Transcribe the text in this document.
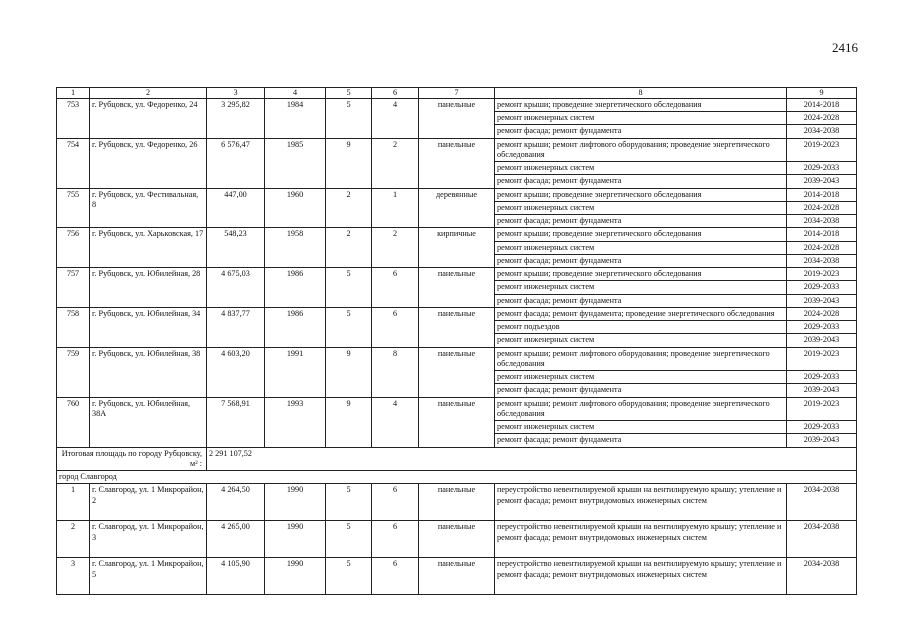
2416
1	2	3	4	5	6	7	8	9
753	г. Рубцовск, ул. Федоренко, 24	3 295,82	1984	5	4	панельные	ремонт крыши; проведение энергетического обследования	2014-2018
							ремонт инженерных систем	2024-2028
							ремонт фасада; ремонт фундамента	2034-2038
754	г. Рубцовск, ул. Федоренко, 26	6 576,47	1985	9	2	панельные	ремонт крыши; ремонт лифтового оборудования; проведение энергетического обследования	2019-2023
							ремонт инженерных систем	2029-2033
							ремонт фасада; ремонт фундамента	2039-2043
755	г. Рубцовск, ул. Фестивальная, 8	447,00	1960	2	1	деревянные	ремонт крыши; проведение энергетического обследования	2014-2018
							ремонт инженерных систем	2024-2028
							ремонт фасада; ремонт фундамента	2034-2038
756	г. Рубцовск, ул. Харьковская, 17	548,23	1958	2	2	кирпичные	ремонт крыши; проведение энергетического обследования	2014-2018
							ремонт инженерных систем	2024-2028
							ремонт фасада; ремонт фундамента	2034-2038
757	г. Рубцовск, ул. Юбилейная, 28	4 675,03	1986	5	6	панельные	ремонт крыши; проведение энергетического обследования	2019-2023
							ремонт инженерных систем	2029-2033
							ремонт фасада; ремонт фундамента	2039-2043
758	г. Рубцовск, ул. Юбилейная, 34	4 837,77	1986	5	6	панельные	ремонт фасада; ремонт фундамента; проведение энергетического обследования	2024-2028
							ремонт подъездов	2029-2033
							ремонт инженерных систем	2039-2043
759	г. Рубцовск, ул. Юбилейная, 38	4 603,20	1991	9	8	панельные	ремонт крыши; ремонт лифтового оборудования; проведение энергетического обследования	2019-2023
							ремонт инженерных систем	2029-2033
							ремонт фасада; ремонт фундамента	2039-2043
760	г. Рубцовск, ул. Юбилейная, 38А	7 568,91	1993	9	4	панельные	ремонт крыши; ремонт лифтового оборудования; проведение энергетического обследования	2019-2023
							ремонт инженерных систем	2029-2033
							ремонт фасада; ремонт фундамента	2039-2043
Итоговая площадь по городу Рубцовску, м² :		2 291 107,52						
город Славгород								
1	г. Славгород, ул. 1 Микрорайон, 2	4 264,50	1990	5	6	панельные	переустройство невентилируемой крыши на вентилируемую крышу; утепление и ремонт фасада; ремонт внутридомовых инженерных систем	2034-2038
2	г. Славгород, ул. 1 Микрорайон, 3	4 265,00	1990	5	6	панельные	переустройство невентилируемой крыши на вентилируемую крышу; утепление и ремонт фасада; ремонт внутридомовых инженерных систем	2034-2038
3	г. Славгород, ул. 1 Микрорайон, 5	4 105,90	1990	5	6	панельные	переустройство невентилируемой крыши на вентилируемую крышу; утепление и ремонт фасада; ремонт внутридомовых инженерных систем	2034-2038
